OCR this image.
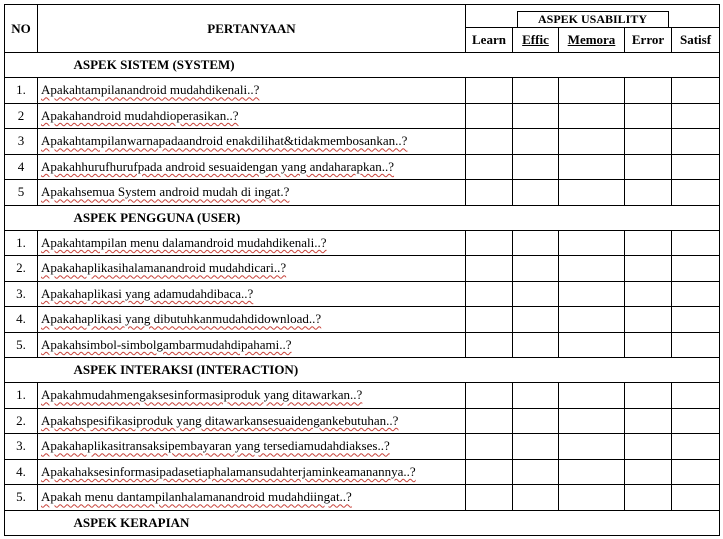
NO	PERTANYAAN	ASPEK USABILITY				
		Learn	Effic	Memora	Error	Satisf
	ASPEK SISTEM (SYSTEM)					
1.	Apakahtampilanandroid mudahdikenali..?					
2	Apakahandroid mudahdioperasikan..?					
3	Apakahtampilanwarnapadaandroid enakdilihat&tidakmembosankan..?					
4	Apakahhurufhurufpada android sesuaidengan yang andaharapkan..?					
5	Apakahsemua System android mudah di ingat.?					
	ASPEK PENGGUNA (USER)					
1.	Apakahtampilan menu dalamandroid mudahdikenali..?					
2.	Apakahaplikasihalamanandroid mudahdicari..?					
3.	Apakahaplikasi yang adamudahdibaca..?					
4.	Apakahaplikasi yang dibutuhkanmudahdidownload..?					
5.	Apakahsimbol-simbolgambarmudahdipahami..?					
	ASPEK INTERAKSI (INTERACTION)					
1.	Apakahmudahmengaksesinformasiproduk yang ditawarkan..?					
2.	Apakahspesifikasiproduk yang ditawarkansesuaidengankebutuhan..?					
3.	Apakahaplikasitransaksipembayaran yang tersediamudahdiakses..?					
4.	Apakahaksesinformasipadasetiaphalamansudahterjaminkeamanannya..?					
5.	Apakah menu dantampilanhalamanandroid mudahdiingat..?					
	ASPEK KERAPIAN					
